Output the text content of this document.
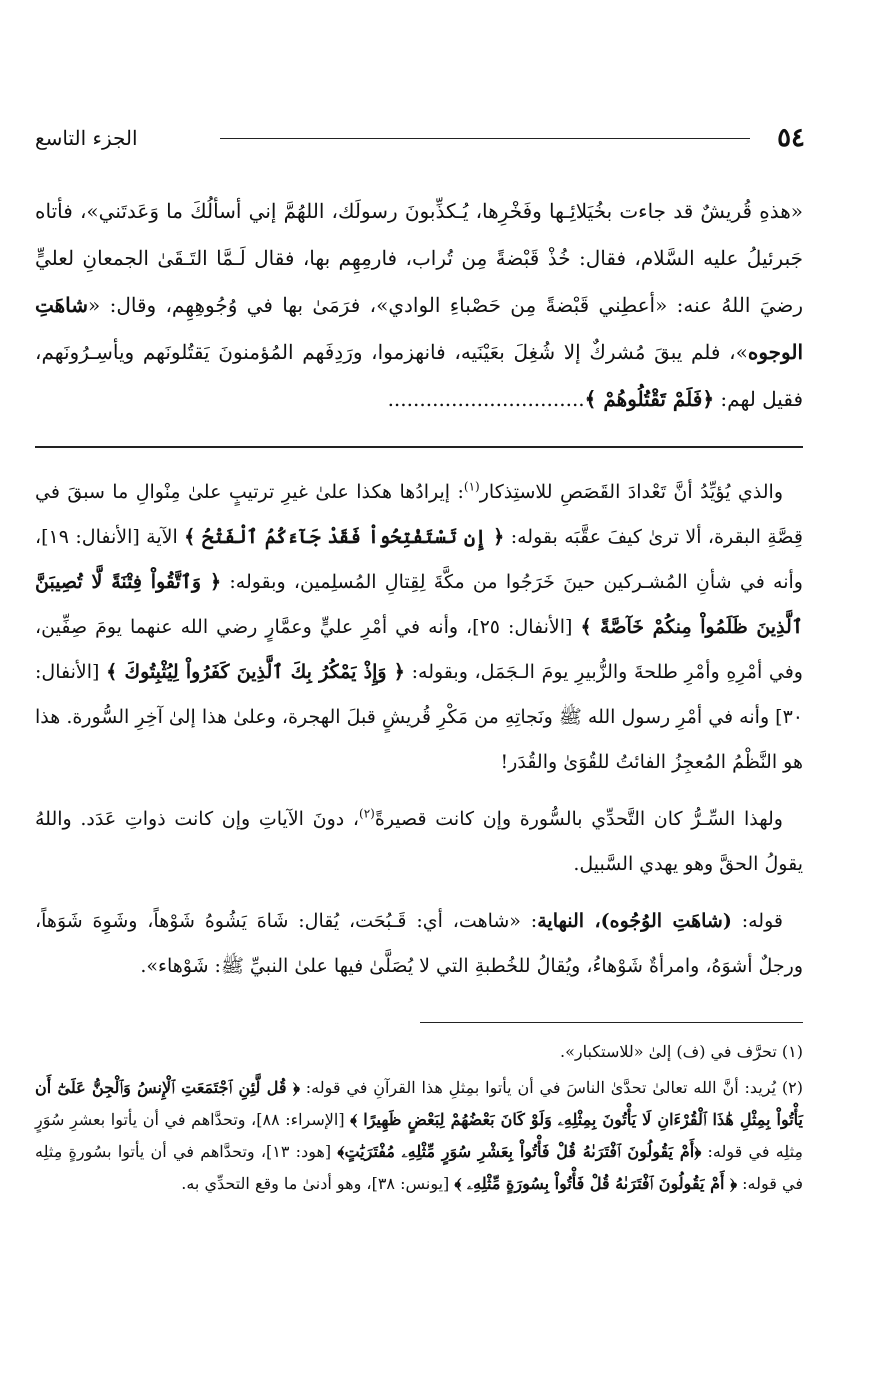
٥٤
الجزء التاسع
«هذهِ قُريشٌ قد جاءت بخُيَلائِـها وفَخْرِها، يُـكذِّبونَ رسولَك، اللهُمَّ إني أسألُكَ ما وَعَدتَني»، فأتاه جَبرئيلُ عليه السَّلام، فقال: خُذْ قَبْضةً مِن تُراب، فارمِهِم بها، فقال لَـمَّا التَـقَىٰ الجمعانِ لعليٍّ رضيَ اللهُ عنه: «أعطِني قَبْضةً مِن حَصْباءِ الوادي»، فرَمَىٰ بها في وُجُوهِهِم، وقال: «شاهَتِ الوجوه»، فلم يبقَ مُشركٌ إلا شُغِلَ بعَيْنَيه، فانهزموا، ورَدِفَهم المُؤمنونَ يَقتُلونَهم ويأسِـرُونَهم، فقيل لهم: ﴿فَلَمْ تَقْتُلُوهُمْ ﴾...............................

والذي يُؤيِّدُ أنَّ تَعْدادَ القَصَصِ للاستِذكار$^{(١)}$: إيرادُها هكذا علىٰ غيرِ ترتيبٍ علىٰ مِنْوالِ ما سبقَ في قِصَّةِ البقرة، ألا ترىٰ كيفَ عقَّبَه بقوله: ﴿ إِن تَسْتَفْتِحُواْ فَقَدْ جَآءَكُمُ ٱلْفَتْحُ ﴾ الآية [الأنفال: ١٩]، وأنه في شأنِ المُشـركين حينَ خَرَجُوا من مكَّةَ لِقِتالِ المُسلِمين، وبقوله: ﴿ وَٱتَّقُواْ فِتْنَةً لَّا تُصِيبَنَّ ٱلَّذِينَ ظَلَمُواْ مِنكُمْ خَآصَّةً ﴾ [الأنفال: ٢٥]، وأنه في أمْرِ عليٍّ وعمَّارٍ رضي الله عنهما يومَ صِفِّين، وفي أمْرِهِ وأمْرِ طلحةَ والزُّبيرِ يومَ الـجَمَل، وبقوله: ﴿ وَإِذْ يَمْكُرُ بِكَ ٱلَّذِينَ كَفَرُواْ لِيُثْبِتُوكَ ﴾ [الأنفال: ٣٠] وأنه في أمْرِ رسول الله ﷺ ونَجاتِهِ من مَكْرِ قُريشٍ قبلَ الهجرة، وعلىٰ هذا إلىٰ آخِرِ السُّورة. هذا هو النَّظْمُ المُعجِزُ الفائتُ للقُوَىٰ والقُدَر!

ولهذا السِّـرُّ كان التَّحدِّي بالسُّورة وإن كانت قصيرةً$^{(٢)}$، دونَ الآياتِ وإن كانت ذواتِ عَدَد. واللهُ يقولُ الحقَّ وهو يهدي السَّبيل.

قوله: (شاهَتِ الوُجُوه)، النهاية: «شاهت، أي: قَـبُحَت، يُقال: شَاهَ يَشُوهُ شَوْهاً، وشَوِهَ شَوَهاً، ورجلٌ أشوَهُ، وامرأةٌ شَوْهاءُ، ويُقالُ للخُطبةِ التي لا يُصَلَّىٰ فيها علىٰ النبيِّ ﷺ: شَوْهاء».

(١) تحرَّف في (ف) إلىٰ «للاستكبار».

(٢) يُريد: أنَّ الله تعالىٰ تحدَّىٰ الناسَ في أن يأتوا بمِثلِ هذا القرآنِ في قوله: ﴿ قُل لَّئِنِ ٱجْتَمَعَتِ ٱلْإِنسُ وَٱلْجِنُّ عَلَىٰٓ أَن يَأْتُواْ بِمِثْلِ هَٰذَا ٱلْقُرْءَانِ لَا يَأْتُونَ بِمِثْلِهِۦ وَلَوْ كَانَ بَعْضُهُمْ لِبَعْضٍ ظَهِيرًا ﴾ [الإسراء: ٨٨]، وتحدَّاهم في أن يأتوا بعشرِ سُوَرٍ مِثلِه في قوله: ﴿أَمْ يَقُولُونَ ٱفْتَرَىٰهُ قُلْ فَأْتُواْ بِعَشْرِ سُوَرٍ مِّثْلِهِۦ مُفْتَرَيَٰتٍ﴾ [هود: ١٣]، وتحدَّاهم في أن يأتوا بسُورةٍ مِثلِه في قوله: ﴿ أَمْ يَقُولُونَ ٱفْتَرَىٰهُ قُلْ فَأْتُواْ بِسُورَةٍ مِّثْلِهِۦ ﴾ [يونس: ٣٨]، وهو أدنىٰ ما وقع التحدِّي به.
